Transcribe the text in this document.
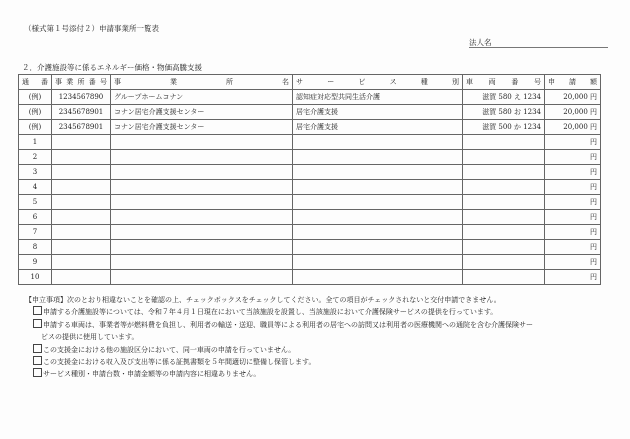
（様式第１号添付２）申請事業所一覧表
法人名
２．介護施設等に係るエネルギー価格・物価高騰支援
通　番	事業所番号	事　業　所　名	サ　ー　ビ　ス　種　別	車　両　番　号	申　請　額
(例)	1234567890	グループホームコナン	認知症対応型共同生活介護	滋賀 580 え 1234	20,000 円
(例)	2345678901	コナン居宅介護支援センター	居宅介護支援	滋賀 580 お 1234	20,000 円
(例)	2345678901	コナン居宅介護支援センター	居宅介護支援	滋賀 500 か 1234	20,000 円
1					円
2					円
3					円
4					円
5					円
6					円
7					円
8					円
9					円
10					円
【申立事項】次のとおり相違ないことを確認の上、チェックボックスをチェックしてください。全ての項目がチェックされないと交付申請できません。
申請する介護施設等については、令和７年４月１日現在において当該施設を設置し、当該施設において介護保険サービスの提供を行っています。
申請する車両は、事業者等が燃料費を負担し、利用者の輸送・送迎、職員等による利用者の居宅への訪問又は利用者の医療機関への通院を含む介護保険サー
ビスの提供に使用しています。
この支援金における他の施設区分において、同一車両の申請を行っていません。
この支援金における収入及び支出等に係る証拠書類を５年間適切に整備し保管します。
サービス種別・申請台数・申請金額等の申請内容に相違ありません。
